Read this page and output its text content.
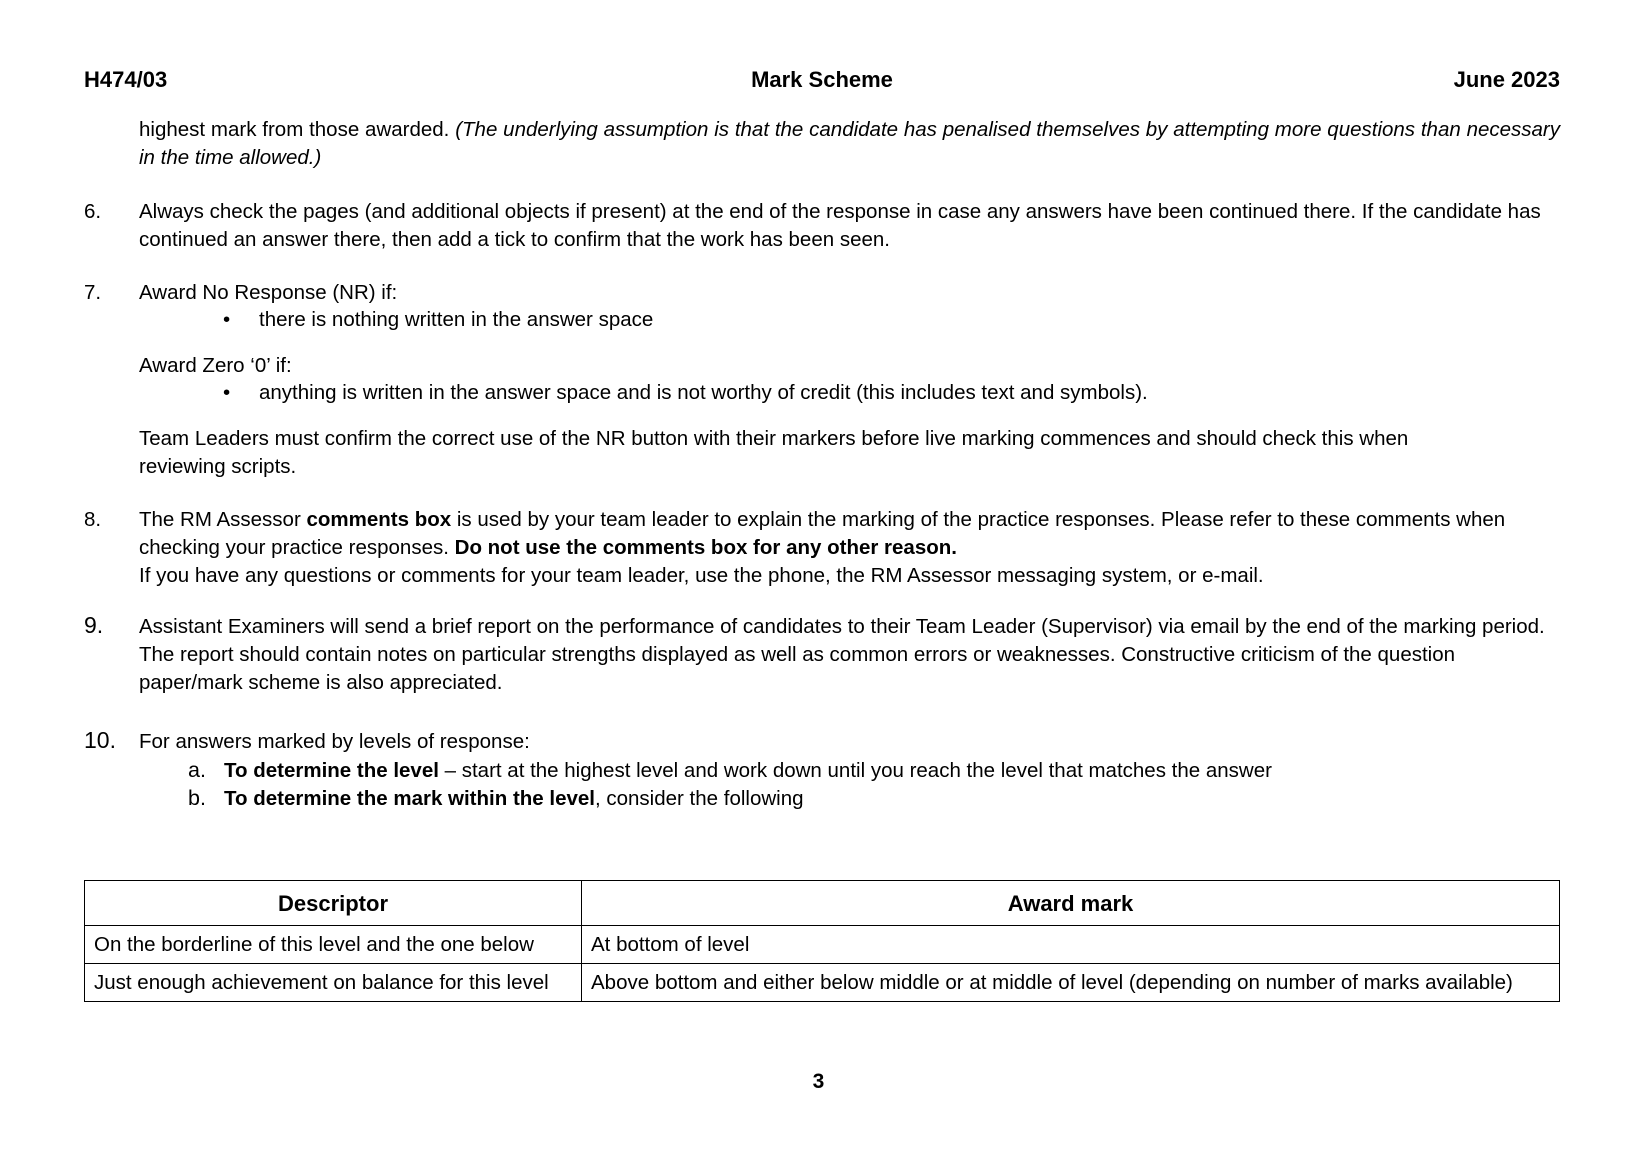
H474/03	Mark Scheme	June 2023
highest mark from those awarded. (The underlying assumption is that the candidate has penalised themselves by attempting more questions than necessary in the time allowed.)
6. Always check the pages (and additional objects if present) at the end of the response in case any answers have been continued there. If the candidate has continued an answer there, then add a tick to confirm that the work has been seen.
7. Award No Response (NR) if:
• there is nothing written in the answer space
Award Zero ‘0’ if:
• anything is written in the answer space and is not worthy of credit (this includes text and symbols).
Team Leaders must confirm the correct use of the NR button with their markers before live marking commences and should check this when reviewing scripts.
8. The RM Assessor comments box is used by your team leader to explain the marking of the practice responses. Please refer to these comments when checking your practice responses. Do not use the comments box for any other reason.
If you have any questions or comments for your team leader, use the phone, the RM Assessor messaging system, or e-mail.
9. Assistant Examiners will send a brief report on the performance of candidates to their Team Leader (Supervisor) via email by the end of the marking period. The report should contain notes on particular strengths displayed as well as common errors or weaknesses. Constructive criticism of the question paper/mark scheme is also appreciated.
10. For answers marked by levels of response:
a. To determine the level – start at the highest level and work down until you reach the level that matches the answer
b. To determine the mark within the level, consider the following
Descriptor	Award mark
On the borderline of this level and the one below	At bottom of level
Just enough achievement on balance for this level	Above bottom and either below middle or at middle of level (depending on number of marks available)
3
